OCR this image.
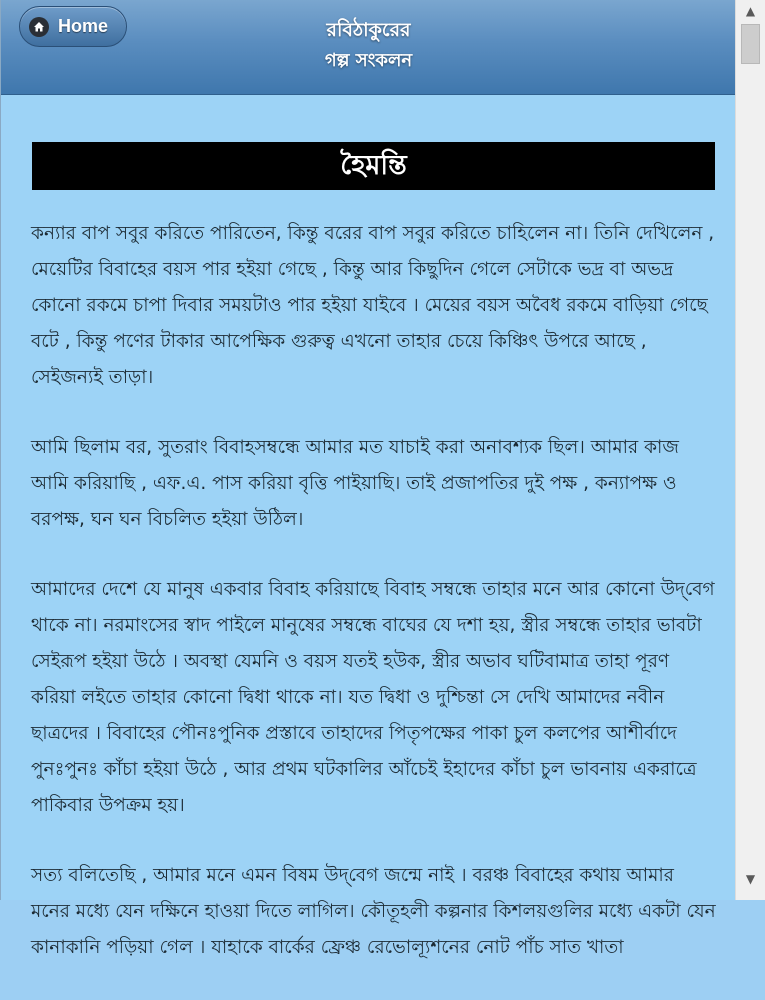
Home	রবিঠাকুরের
গল্প সংকলন
হৈমন্তি

কন্যার বাপ সবুর করিতে পারিতেন, কিন্তু বরের বাপ সবুর করিতে চাহিলেন না। তিনি দেখিলেন , মেয়েটির বিবাহের বয়স পার হইয়া গেছে , কিন্তু আর কিছুদিন গেলে সেটাকে ভদ্র বা অভদ্র কোনো রকমে চাপা দিবার সময়টাও পার হইয়া যাইবে । মেয়ের বয়স অবৈধ রকমে বাড়িয়া গেছে বটে , কিন্তু পণের টাকার আপেক্ষিক গুরুত্ব এখনো তাহার চেয়ে কিঞ্চিৎ উপরে আছে , সেইজন্যই তাড়া।

আমি ছিলাম বর, সুতরাং বিবাহসম্বন্ধে আমার মত যাচাই করা অনাবশ্যক ছিল। আমার কাজ আমি করিয়াছি , এফ.এ. পাস করিয়া বৃত্তি পাইয়াছি। তাই প্রজাপতির দুই পক্ষ , কন্যাপক্ষ ও বরপক্ষ, ঘন ঘন বিচলিত হইয়া উঠিল।

আমাদের দেশে যে মানুষ একবার বিবাহ করিয়াছে বিবাহ সম্বন্ধে তাহার মনে আর কোনো উদ্‌বেগ থাকে না। নরমাংসের স্বাদ পাইলে মানুষের সম্বন্ধে বাঘের যে দশা হয়, স্ত্রীর সম্বন্ধে তাহার ভাবটা সেইরূপ হইয়া উঠে । অবস্থা যেমনি ও বয়স যতই হউক, স্ত্রীর অভাব ঘটিবামাত্র তাহা পূরণ করিয়া লইতে তাহার কোনো দ্বিধা থাকে না। যত দ্বিধা ও দুশ্চিন্তা সে দেখি আমাদের নবীন ছাত্রদের । বিবাহের পৌনঃপুনিক প্রস্তাবে তাহাদের পিতৃপক্ষের পাকা চুল কলপের আশীর্বাদে পুনঃপুনঃ কাঁচা হইয়া উঠে , আর প্রথম ঘটকালির আঁচেই ইহাদের কাঁচা চুল ভাবনায় একরাত্রে পাকিবার উপক্রম হয়।

সত্য বলিতেছি , আমার মনে এমন বিষম উদ্‌বেগ জন্মে নাই । বরঞ্চ বিবাহের কথায় আমার মনের মধ্যে যেন দক্ষিনে হাওয়া দিতে লাগিল। কৌতূহলী কল্পনার কিশলয়গুলির মধ্যে একটা যেন কানাকানি পড়িয়া গেল । যাহাকে বার্কের ফ্রেঞ্চ রেভোল্যূশনের নোট পাঁচ সাত খাতা

▲
▼
